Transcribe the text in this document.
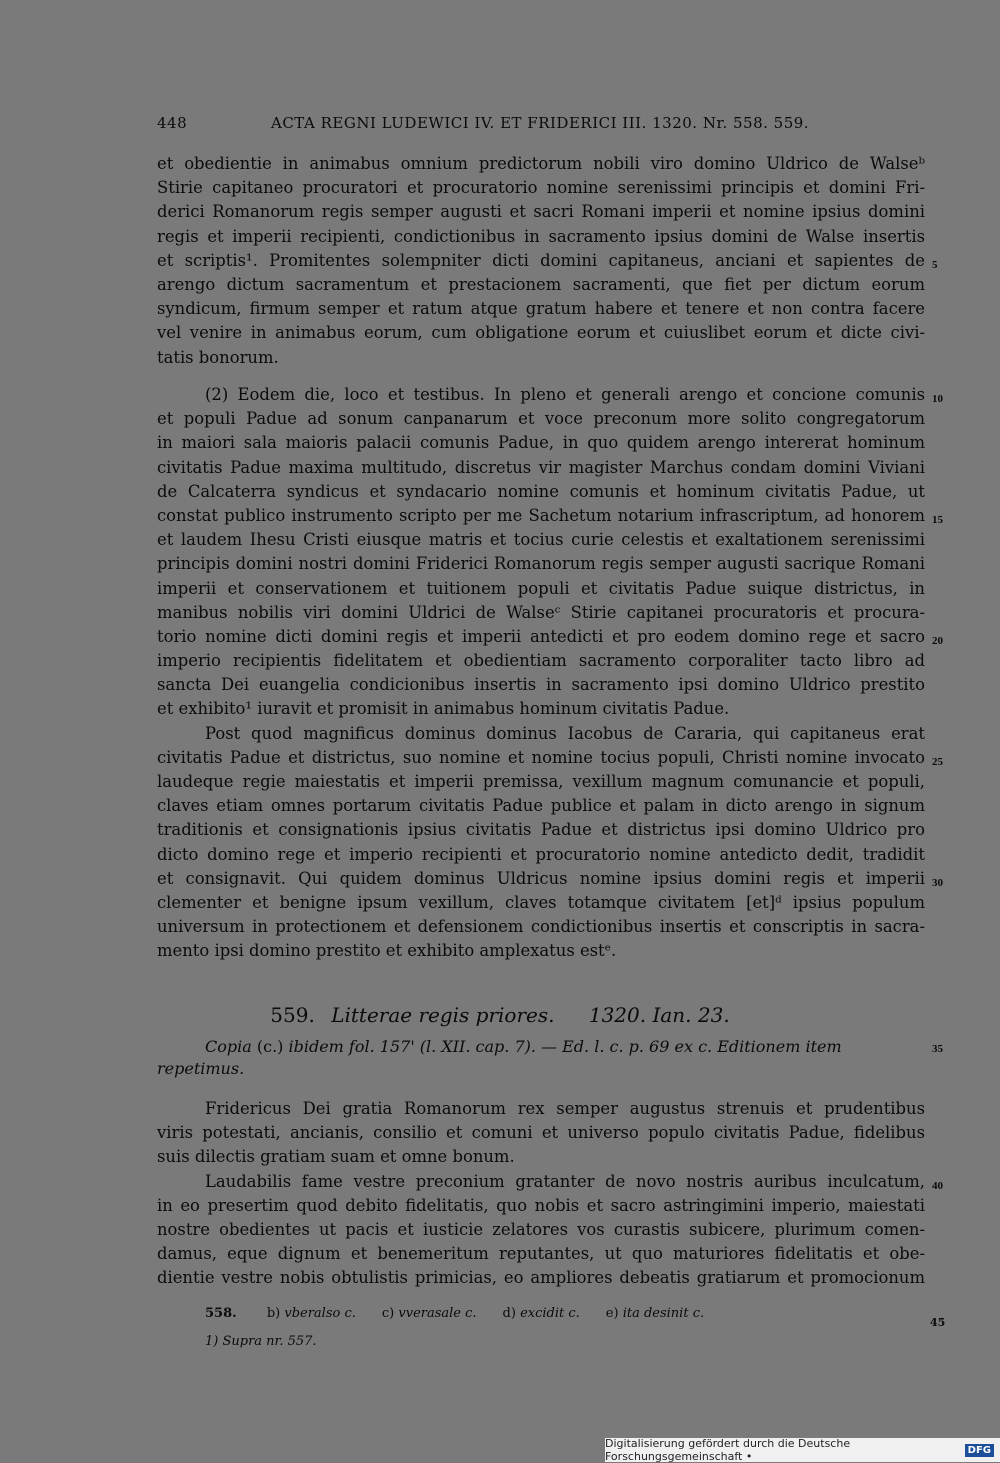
448	ACTA REGNI LUDEWICI IV. ET FRIDERICI III. 1320. Nr. 558. 559.
et obedientie in animabus omnium predictorum nobili viro domino Uldrico de Walseᵇ
Stirie capitaneo procuratori et procuratorio nomine serenissimi principis et domini Fri-
derici Romanorum regis semper augusti et sacri Romani imperii et nomine ipsius domini
regis et imperii recipienti, condictionibus in sacramento ipsius domini de Walse insertis
et scriptis¹. Promitentes solempniter dicti domini capitaneus, anciani et sapientes de 5
arengo dictum sacramentum et prestacionem sacramenti, que fiet per dictum eorum
syndicum, firmum semper et ratum atque gratum habere et tenere et non contra facere
vel venire in animabus eorum, cum obligatione eorum et cuiuslibet eorum et dicte civi-
tatis bonorum.
(2) Eodem die, loco et testibus. In pleno et generali arengo et concione comunis 10
et populi Padue ad sonum canpanarum et voce preconum more solito congregatorum
in maiori sala maioris palacii comunis Padue, in quo quidem arengo intererat hominum
civitatis Padue maxima multitudo, discretus vir magister Marchus condam domini Viviani
de Calcaterra syndicus et syndacario nomine comunis et hominum civitatis Padue, ut
constat publico instrumento scripto per me Sachetum notarium infrascriptum, ad honorem 15
et laudem Ihesu Cristi eiusque matris et tocius curie celestis et exaltationem serenissimi
principis domini nostri domini Friderici Romanorum regis semper augusti sacrique Romani
imperii et conservationem et tuitionem populi et civitatis Padue suique districtus, in
manibus nobilis viri domini Uldrici de Walseᶜ Stirie capitanei procuratoris et procura-
torio nomine dicti domini regis et imperii antedicti et pro eodem domino rege et sacro 20
imperio recipientis fidelitatem et obedientiam sacramento corporaliter tacto libro ad
sancta Dei euangelia condicionibus insertis in sacramento ipsi domino Uldrico prestito
et exhibito¹ iuravit et promisit in animabus hominum civitatis Padue.
Post quod magnificus dominus dominus Iacobus de Cararia, qui capitaneus erat
civitatis Padue et districtus, suo nomine et nomine tocius populi, Christi nomine invocato 25
laudeque regie maiestatis et imperii premissa, vexillum magnum comunancie et populi,
claves etiam omnes portarum civitatis Padue publice et palam in dicto arengo in signum
traditionis et consignationis ipsius civitatis Padue et districtus ipsi domino Uldrico pro
dicto domino rege et imperio recipienti et procuratorio nomine antedicto dedit, tradidit
et consignavit. Qui quidem dominus Uldricus nomine ipsius domini regis et imperii 30
clementer et benigne ipsum vexillum, claves totamque civitatem [et]ᵈ ipsius populum
universum in protectionem et defensionem condictionibus insertis et conscriptis in sacra-
mento ipsi domino prestito et exhibito amplexatus estᵉ.
559. Litterae regis priores. 1320. Ian. 23.
Copia (c.) ibidem fol. 157' (l. XII. cap. 7). — Ed. l. c. p. 69 ex c. Editionem item	35
repetimus.
Fridericus Dei gratia Romanorum rex semper augustus strenuis et prudentibus
viris potestati, ancianis, consilio et comuni et universo populo civitatis Padue, fidelibus
suis dilectis gratiam suam et omne bonum.
Laudabilis fame vestre preconium gratanter de novo nostris auribus inculcatum, 40
in eo presertim quod debito fidelitatis, quo nobis et sacro astringimini imperio, maiestati
nostre obedientes ut pacis et iusticie zelatores vos curastis subicere, plurimum comen-
damus, eque dignum et benemeritum reputantes, ut quo maturiores fidelitatis et obe-
dientie vestre nobis obtulistis primicias, eo ampliores debeatis gratiarum et promocionum
558. b) vberalso c. c) vverasale c. d) excidit c. e) ita desinit c.
1) Supra nr. 557.
45
Digitalisierung gefördert durch die Deutsche Forschungsgemeinschaft •	DFG
